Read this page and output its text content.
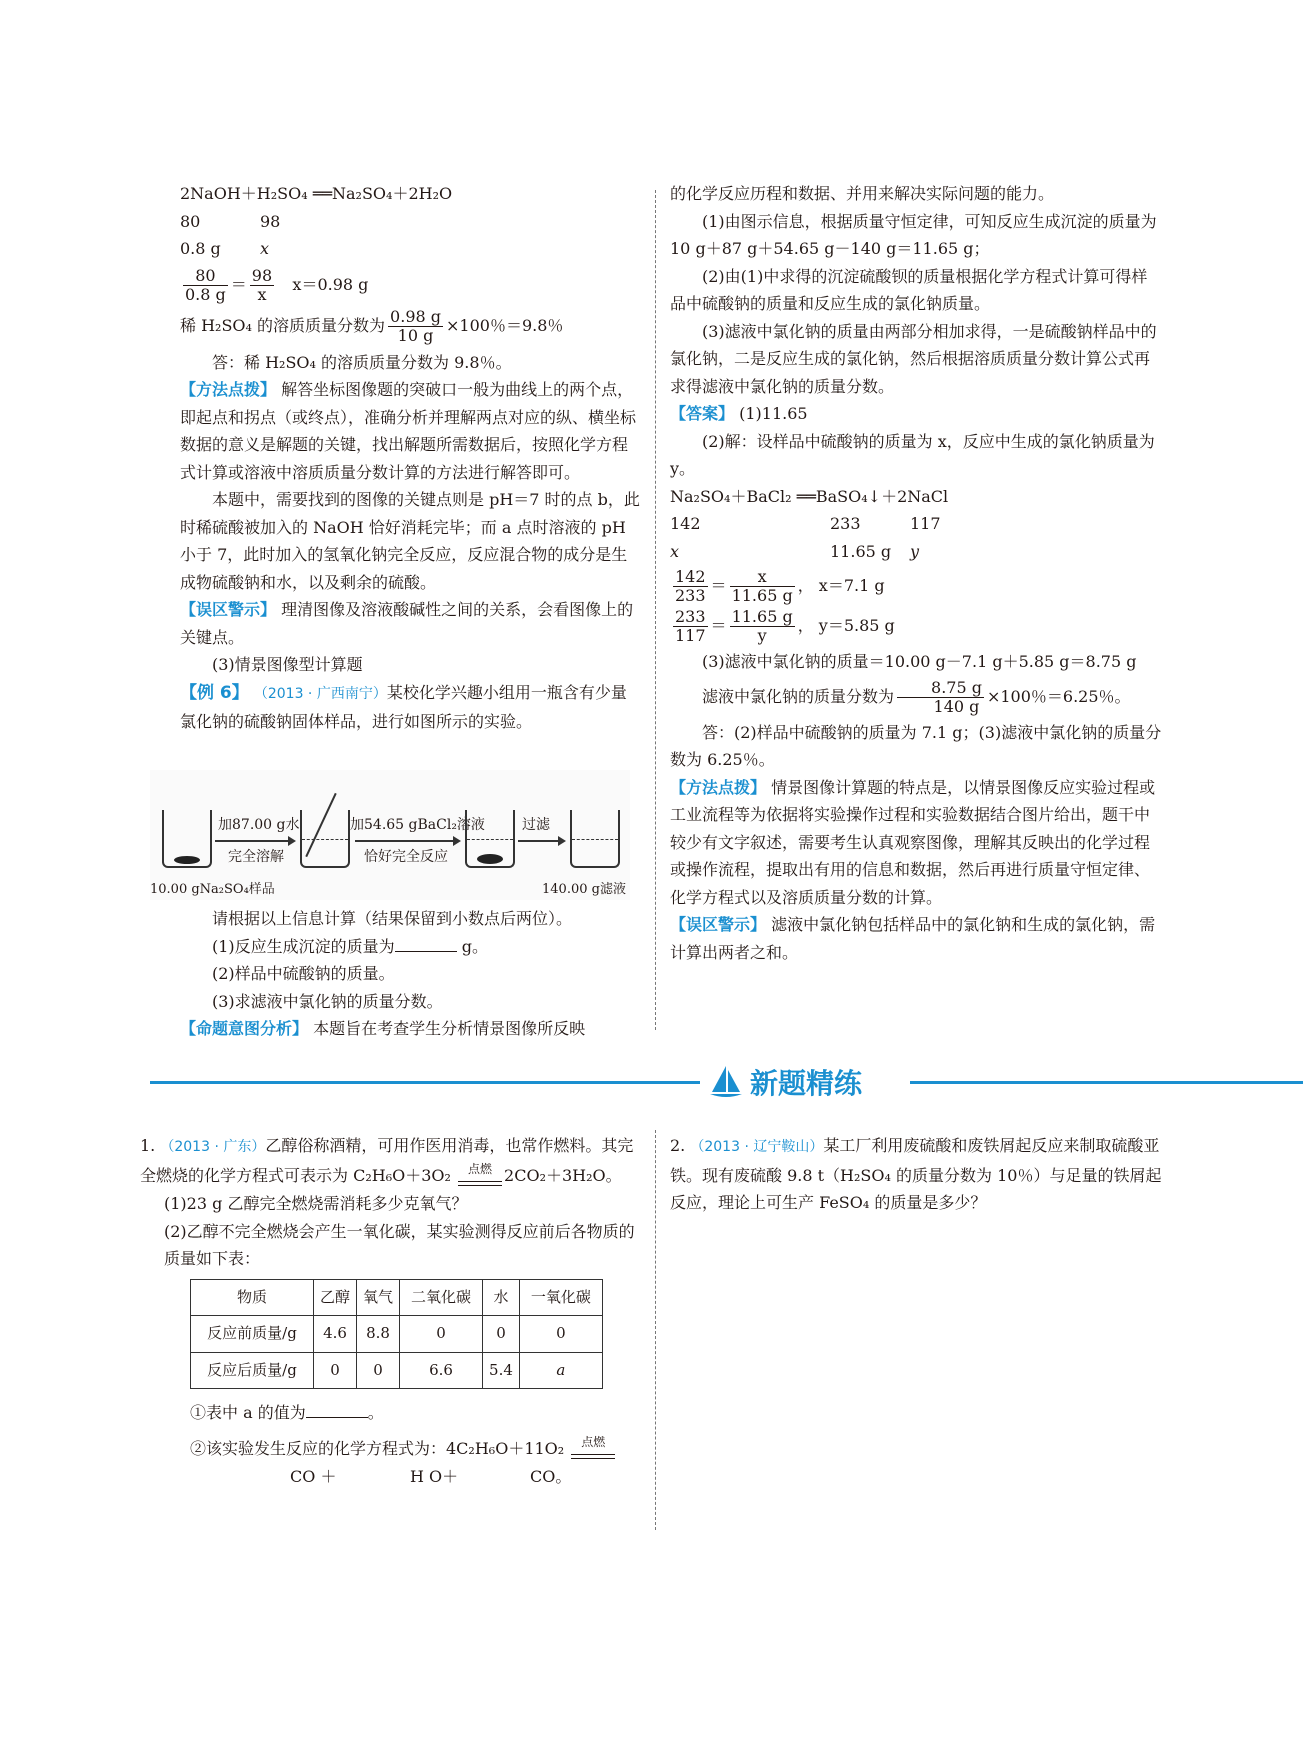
2NaOH＋H₂SO₄ ══Na₂SO₄＋2H₂O

80	98

0.8 g x

$\frac{80}{0.8 g} = \frac{98}{x} x=0.98$ g

稀 H₂SO₄ 的溶质质量分数为 $\frac{0.98 g}{10 g} \times 100$％＝9.8％

答：稀 H₂SO₄ 的溶质质量分数为 9.8％。

【方法点拨】 解答坐标图像题的突破口一般为曲线上的两个点，即起点和拐点（或终点），准确分析并理解两点对应的纵、横坐标数据的意义是解题的关键，找出解题所需数据后，按照化学方程式计算或溶液中溶质质量分数计算的方法进行解答即可。

本题中，需要找到的图像的关键点则是 pH＝7 时的点 b，此时稀硫酸被加入的 NaOH 恰好消耗完毕；而 a 点时溶液的 pH 小于 7，此时加入的氢氧化钠完全反应，反应混合物的成分是生成物硫酸钠和水，以及剩余的硫酸。

【误区警示】 理清图像及溶液酸碱性之间的关系，会看图像上的关键点。

(3)情景图像型计算题

【例 6】 （2013 · 广西南宁）某校化学兴趣小组用一瓶含有少量氯化钠的硫酸钠固体样品，进行如图所示的实验。

加87.00 g水
完全溶解
加54.65 gBaCl₂溶液
恰好完全反应
过滤
10.00 gNa₂SO₄样品	140.00 g滤液

请根据以上信息计算（结果保留到小数点后两位）。

(1)反应生成沉淀的质量为	g。

(2)样品中硫酸钠的质量。

(3)求滤液中氯化钠的质量分数。

【命题意图分析】 本题旨在考查学生分析情景图像所反映

的化学反应历程和数据、并用来解决实际问题的能力。

(1)由图示信息，根据质量守恒定律，可知反应生成沉淀的质量为 10 g＋87 g＋54.65 g－140 g＝11.65 g；

(2)由(1)中求得的沉淀硫酸钡的质量根据化学方程式计算可得样品中硫酸钠的质量和反应生成的氯化钠质量。

(3)滤液中氯化钠的质量由两部分相加求得，一是硫酸钠样品中的氯化钠，二是反应生成的氯化钠，然后根据溶质质量分数计算公式再求得滤液中氯化钠的质量分数。

【答案】 (1)11.65

(2)解：设样品中硫酸钠的质量为 x，反应中生成的氯化钠质量为 y。

Na₂SO₄＋BaCl₂ ══BaSO₄↓＋2NaCl

142	233	117

x	11.65 g y

$\frac{142}{233} = \frac{x}{11.65 g}$ ， x＝7.1 g

$\frac{233}{117} = \frac{11.65 g}{y}$ ， y＝5.85 g

(3)滤液中氯化钠的质量＝10.00 g－7.1 g＋5.85 g＝8.75 g

滤液中氯化钠的质量分数为 $\frac{8.75 g}{140 g} \times 100$％＝6.25％。

答：(2)样品中硫酸钠的质量为 7.1 g；(3)滤液中氯化钠的质量分数为 6.25％。

【方法点拨】 情景图像计算题的特点是，以情景图像反应实验过程或工业流程等为依据将实验操作过程和实验数据结合图片给出，题干中较少有文字叙述，需要考生认真观察图像，理解其反映出的化学过程或操作流程，提取出有用的信息和数据，然后再进行质量守恒定律、化学方程式以及溶质质量分数的计算。

【误区警示】 滤液中氯化钠包括样品中的氯化钠和生成的氯化钠，需计算出两者之和。

新题精练

1. （2013 · 广东）乙醇俗称酒精，可用作医用消毒，也常作燃料。其完全燃烧的化学方程式可表示为 C₂H₆O＋3O₂	点燃 2CO₂＋3H₂O。

(1)23 g 乙醇完全燃烧需消耗多少克氧气？

(2)乙醇不完全燃烧会产生一氧化碳，某实验测得反应前后各物质的质量如下表：

物质	乙醇	氧气	二氧化碳	水	一氧化碳
反应前质量/g	4.6	8.8	0	0	0
反应后质量/g	0	0	6.6	5.4	a

①表中 a 的值为	。

②该实验发生反应的化学方程式为：4C₂H₆O＋11O₂	点燃

CO ＋	H O＋	CO。

2. （2013 · 辽宁鞍山）某工厂利用废硫酸和废铁屑起反应来制取硫酸亚铁。现有废硫酸 9.8 t（H₂SO₄ 的质量分数为 10％）与足量的铁屑起反应，理论上可生产 FeSO₄ 的质量是多少？
